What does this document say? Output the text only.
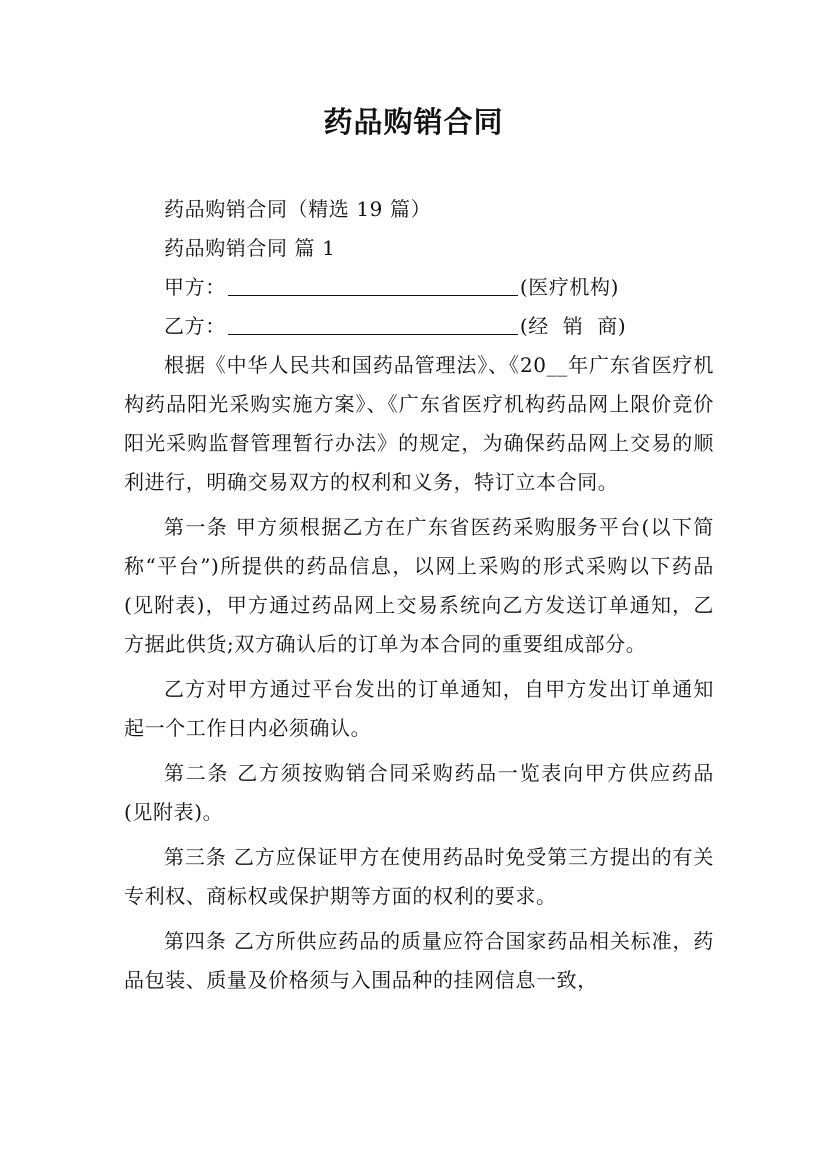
药品购销合同

药品购销合同（精选 19 篇）

药品购销合同 篇 1

甲方：	(医疗机构)

乙方：	(经  销  商)

根据《中华人民共和国药品管理法》、《20__年广东省医疗机构药品阳光采购实施方案》、《广东省医疗机构药品网上限价竞价阳光采购监督管理暂行办法》的规定，为确保药品网上交易的顺利进行，明确交易双方的权利和义务，特订立本合同。

第一条 甲方须根据乙方在广东省医药采购服务平台(以下简称“平台”)所提供的药品信息，以网上采购的形式采购以下药品(见附表)，甲方通过药品网上交易系统向乙方发送订单通知，乙方据此供货;双方确认后的订单为本合同的重要组成部分。

乙方对甲方通过平台发出的订单通知，自甲方发出订单通知起一个工作日内必须确认。

第二条 乙方须按购销合同采购药品一览表向甲方供应药品(见附表)。

第三条 乙方应保证甲方在使用药品时免受第三方提出的有关专利权、商标权或保护期等方面的权利的要求。

第四条 乙方所供应药品的质量应符合国家药品相关标准，药品包装、质量及价格须与入围品种的挂网信息一致，
